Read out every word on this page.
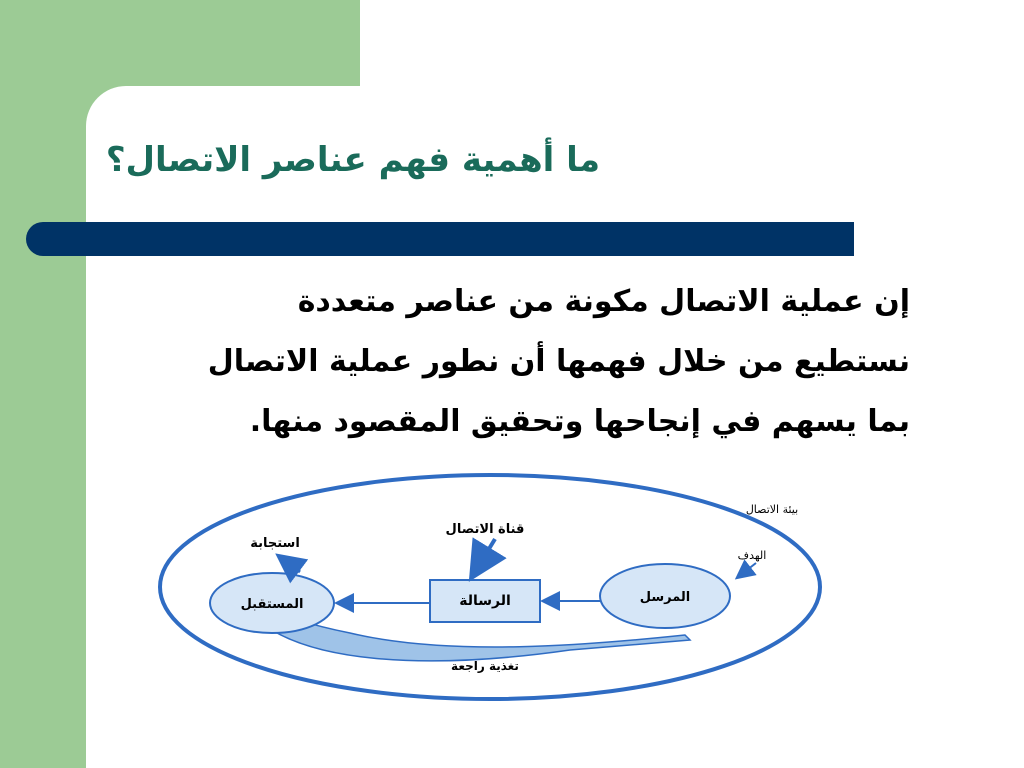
ما أهمية فهم عناصر الاتصال؟
إن عملية الاتصال مكونة من عناصر متعددة
نستطيع من خلال فهمها أن نطور عملية الاتصال
بما يسهم في إنجاحها وتحقيق المقصود منها.
المرسل
المستقبل	الرسالة
قناة الاتصال
استجابة
بيئة الاتصال
الهدف
تغذية راجعة
